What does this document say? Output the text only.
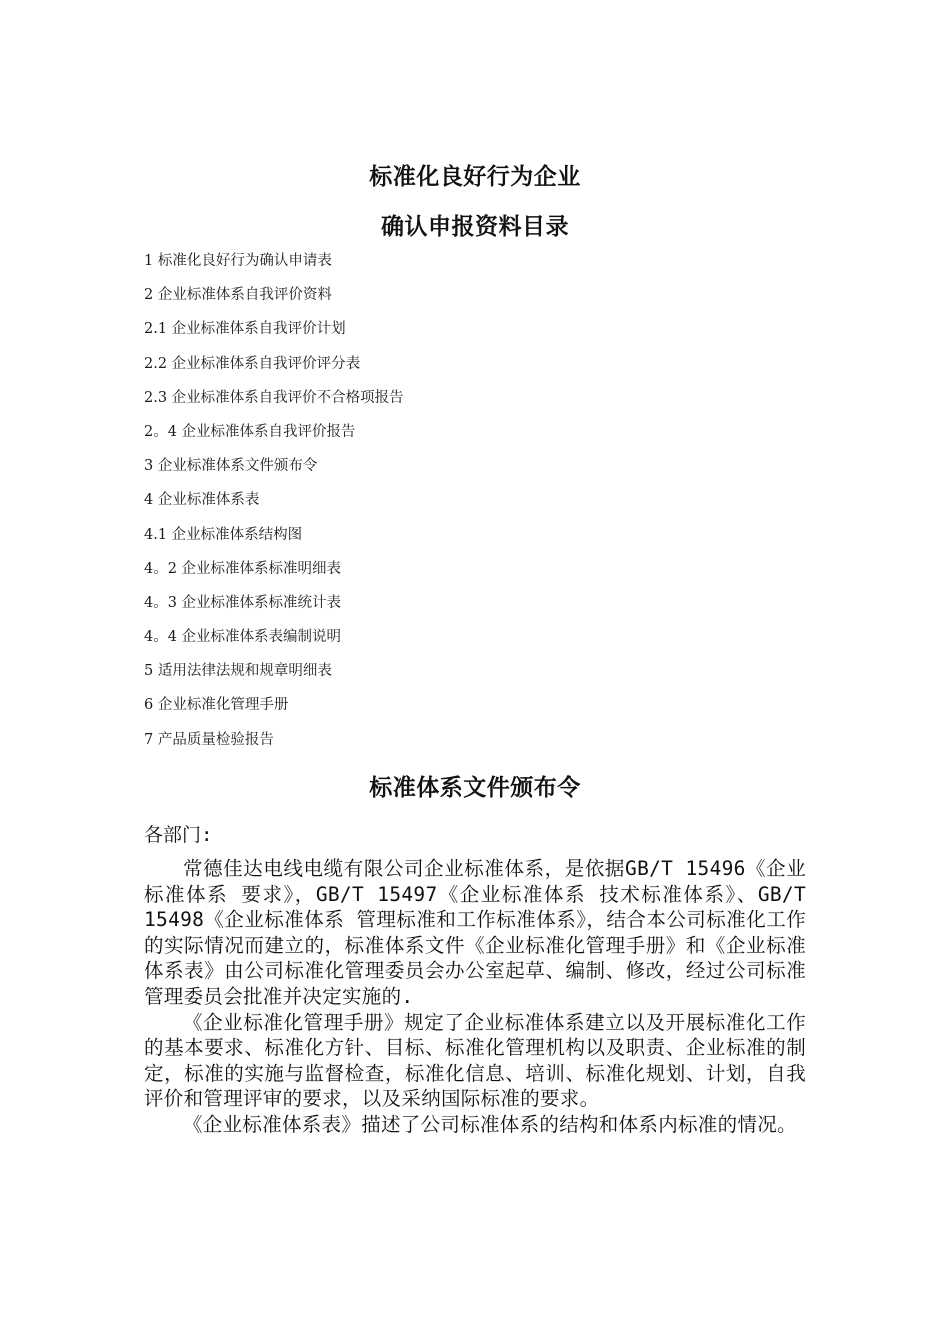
标准化良好行为企业
确认申报资料目录
1 标准化良好行为确认申请表
2 企业标准体系自我评价资料
2.1 企业标准体系自我评价计划
2.2 企业标准体系自我评价评分表
2.3 企业标准体系自我评价不合格项报告
2。4 企业标准体系自我评价报告
3 企业标准体系文件颁布令
4 企业标准体系表
4.1 企业标准体系结构图
4。2 企业标准体系标准明细表
4。3 企业标准体系标准统计表
4。4 企业标准体系表编制说明
5 适用法律法规和规章明细表
6 企业标准化管理手册
7 产品质量检验报告
标准体系文件颁布令
各部门:

常德佳达电线电缆有限公司企业标准体系，是依据GB/T 15496《企业标准体系 要求》，GB/T 15497《企业标准体系 技术标准体系》、GB/T 15498《企业标准体系 管理标准和工作标准体系》，结合本公司标准化工作的实际情况而建立的，标准体系文件《企业标准化管理手册》和《企业标准体系表》由公司标准化管理委员会办公室起草、编制、修改，经过公司标准管理委员会批准并决定实施的.

《企业标准化管理手册》规定了企业标准体系建立以及开展标准化工作的基本要求、标准化方针、目标、标准化管理机构以及职责、企业标准的制定，标准的实施与监督检查，标准化信息、培训、标准化规划、计划，自我评价和管理评审的要求，以及采纳国际标准的要求。

《企业标准体系表》描述了公司标准体系的结构和体系内标准的情况。
